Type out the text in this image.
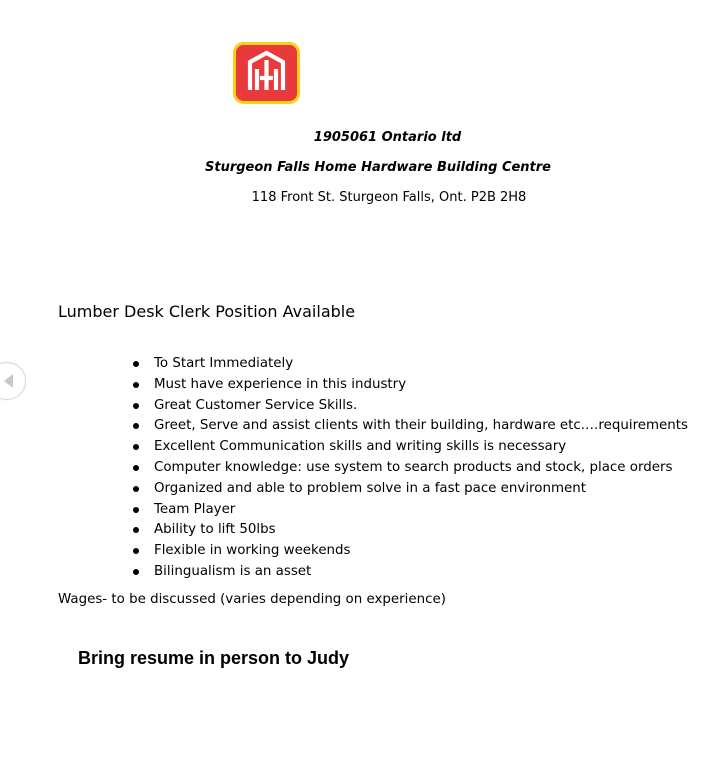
1905061 Ontario ltd
Sturgeon Falls Home Hardware Building Centre
118 Front St. Sturgeon Falls, Ont. P2B 2H8
Lumber Desk Clerk Position Available
To Start Immediately
Must have experience in this industry
Great Customer Service Skills.
Greet, Serve and assist clients with their building, hardware etc.…requirements
Excellent Communication skills and writing skills is necessary
Computer knowledge: use system to search products and stock, place orders
Organized and able to problem solve in a fast pace environment
Team Player
Ability to lift 50lbs
Flexible in working weekends
Bilingualism is an asset
Wages- to be discussed (varies depending on experience)
Bring resume in person to Judy
